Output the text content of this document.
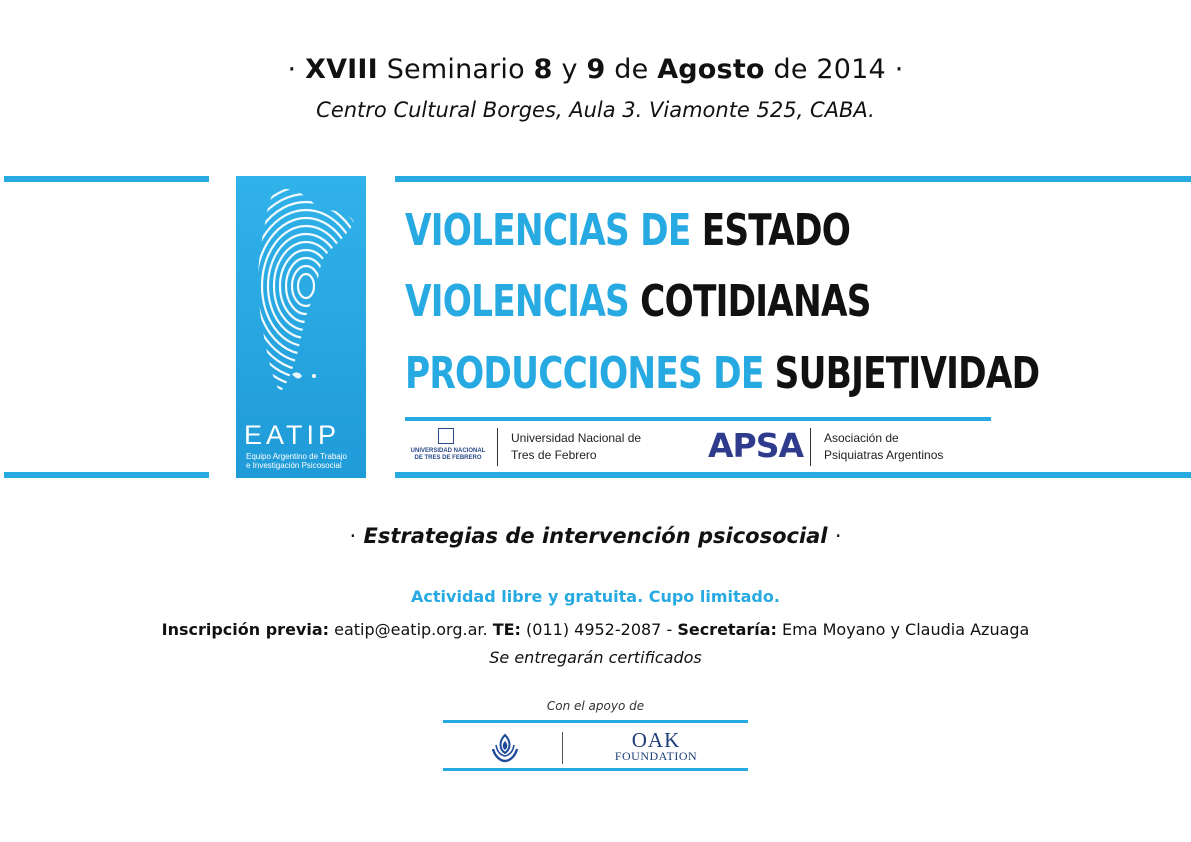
· XVIII Seminario 8 y 9 de Agosto de 2014 ·
Centro Cultural Borges, Aula 3. Viamonte 525, CABA.
EATIP
Equipo Argentino de Trabajo
e Investigación Psicosocial
VIOLENCIAS DE ESTADO
VIOLENCIAS COTIDIANAS
PRODUCCIONES DE SUBJETIVIDAD
UNIVERSIDAD NACIONAL
DE TRES DE FEBRERO
Universidad Nacional de
Tres de Febrero	APSA Asociación de
Psiquiatras Argentinos
· Estrategias de intervención psicosocial ·
Actividad libre y gratuita. Cupo limitado.
Inscripción previa: eatip@eatip.org.ar. TE: (011) 4952-2087 - Secretaría: Ema Moyano y Claudia Azuaga
Se entregarán certificados
Con el apoyo de
OAK
FOUNDATION
